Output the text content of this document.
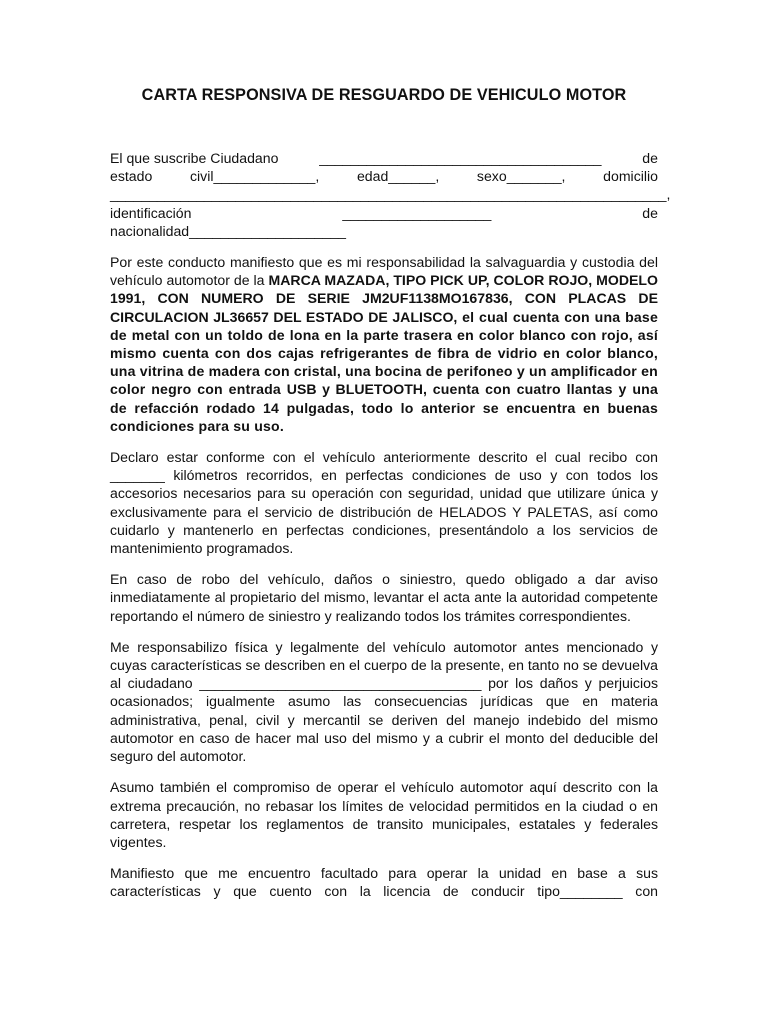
CARTA RESPONSIVA DE RESGUARDO DE VEHICULO MOTOR
El que suscribe Ciudadano	____________________________________	de
estado	civil_____________,	edad______,	sexo_______,	domicilio
_______________________________________________________________________,
identificación	___________________	de
nacionalidad____________________

Por este conducto manifiesto que es mi responsabilidad la salvaguardia y custodia del vehículo automotor de la MARCA MAZADA, TIPO PICK UP, COLOR ROJO, MODELO 1991, CON NUMERO DE SERIE JM2UF1138MO167836, CON PLACAS DE CIRCULACION JL36657 DEL ESTADO DE JALISCO, el cual cuenta con una base de metal con un toldo de lona en la parte trasera en color blanco con rojo, así mismo cuenta con dos cajas refrigerantes de fibra de vidrio en color blanco, una vitrina de madera con cristal, una bocina de perifoneo y un amplificador en color negro con entrada USB y BLUETOOTH, cuenta con cuatro llantas y una de refacción rodado 14 pulgadas, todo lo anterior se encuentra en buenas condiciones para su uso.

Declaro estar conforme con el vehículo anteriormente descrito el cual recibo con _______ kilómetros recorridos, en perfectas condiciones de uso y con todos los accesorios necesarios para su operación con seguridad, unidad que utilizare única y exclusivamente para el servicio de distribución de HELADOS Y PALETAS, así como cuidarlo y mantenerlo en perfectas condiciones, presentándolo a los servicios de mantenimiento programados.

En caso de robo del vehículo, daños o siniestro, quedo obligado a dar aviso inmediatamente al propietario del mismo, levantar el acta ante la autoridad competente reportando el número de siniestro y realizando todos los trámites correspondientes.

Me responsabilizo física y legalmente del vehículo automotor antes mencionado y cuyas características se describen en el cuerpo de la presente, en tanto no se devuelva al ciudadano ____________________________________ por los daños y perjuicios ocasionados; igualmente asumo las consecuencias jurídicas que en materia administrativa, penal, civil y mercantil se deriven del manejo indebido del mismo automotor en caso de hacer mal uso del mismo y a cubrir el monto del deducible del seguro del automotor.

Asumo también el compromiso de operar el vehículo automotor aquí descrito con la extrema precaución, no rebasar los límites de velocidad permitidos en la ciudad o en carretera, respetar los reglamentos de transito municipales, estatales y federales vigentes.

Manifiesto que me encuentro facultado para operar la unidad en base a sus características y que cuento con la licencia de conducir tipo________ con
